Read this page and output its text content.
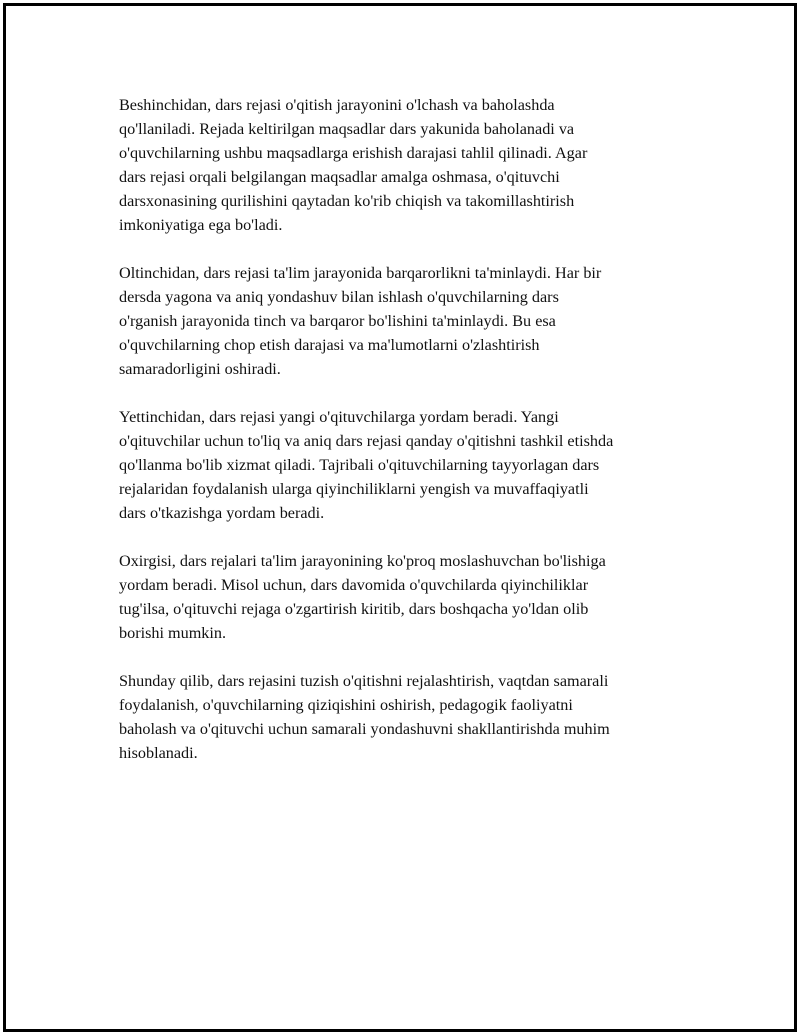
Beshinchidan, dars rejasi o'qitish jarayonini o'lchash va baholashda
qo'llaniladi. Rejada keltirilgan maqsadlar dars yakunida baholanadi va
o'quvchilarning ushbu maqsadlarga erishish darajasi tahlil qilinadi. Agar
dars rejasi orqali belgilangan maqsadlar amalga oshmasa, o'qituvchi
darsxonasining qurilishini qaytadan ko'rib chiqish va takomillashtirish
imkoniyatiga ega bo'ladi.

Oltinchidan, dars rejasi ta'lim jarayonida barqarorlikni ta'minlaydi. Har bir
dersda yagona va aniq yondashuv bilan ishlash o'quvchilarning dars
o'rganish jarayonida tinch va barqaror bo'lishini ta'minlaydi. Bu esa
o'quvchilarning chop etish darajasi va ma'lumotlarni o'zlashtirish
samaradorligini oshiradi.

Yettinchidan, dars rejasi yangi o'qituvchilarga yordam beradi. Yangi
o'qituvchilar uchun to'liq va aniq dars rejasi qanday o'qitishni tashkil etishda
qo'llanma bo'lib xizmat qiladi. Tajribali o'qituvchilarning tayyorlagan dars
rejalaridan foydalanish ularga qiyinchiliklarni yengish va muvaffaqiyatli
dars o'tkazishga yordam beradi.

Oxirgisi, dars rejalari ta'lim jarayonining ko'proq moslashuvchan bo'lishiga
yordam beradi. Misol uchun, dars davomida o'quvchilarda qiyinchiliklar
tug'ilsa, o'qituvchi rejaga o'zgartirish kiritib, dars boshqacha yo'ldan olib
borishi mumkin.

Shunday qilib, dars rejasini tuzish o'qitishni rejalashtirish, vaqtdan samarali
foydalanish, o'quvchilarning qiziqishini oshirish, pedagogik faoliyatni
baholash va o'qituvchi uchun samarali yondashuvni shakllantirishda muhim
hisoblanadi.
